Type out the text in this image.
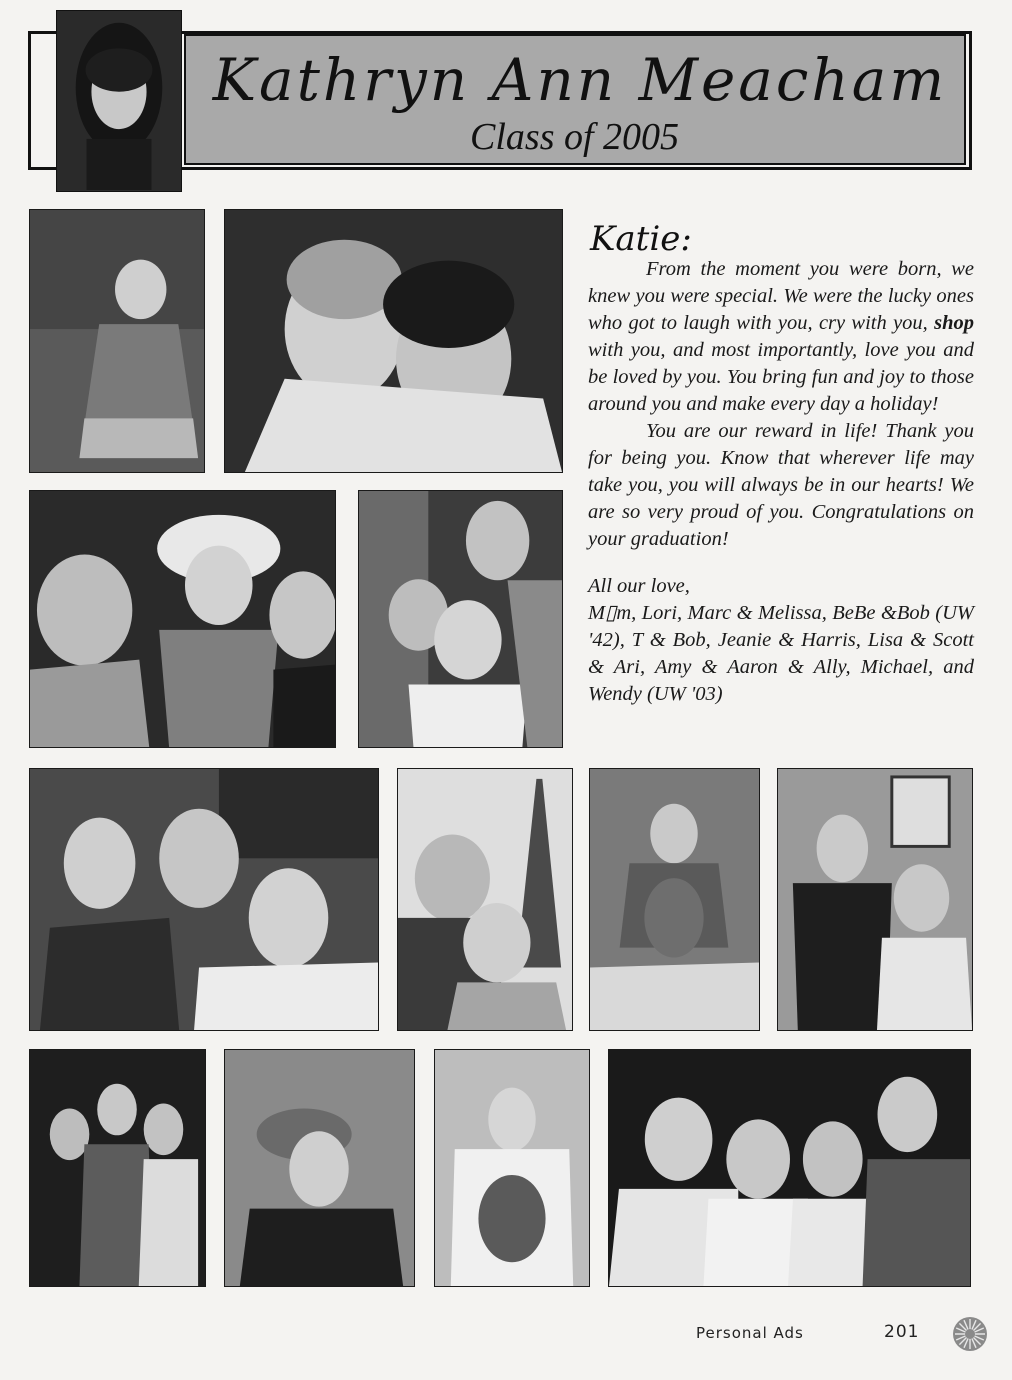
Kathryn Ann Meacham
Class of 2005
Katie:

From the moment you were born, we knew you were special. We were the lucky ones who got to laugh with you, cry with you, shop with you, and most importantly, love you and be loved by you. You bring fun and joy to those around you and make every day a holiday!

You are our reward in life! Thank you for being you. Know that wherever life may take you, you will always be in our hearts! We are so very proud of you. Congratulations on your graduation!

All our love,

M▯m, Lori, Marc & Melissa, BeBe &Bob (UW '42), T & Bob, Jeanie & Harris, Lisa & Scott & Ari, Amy & Aaron & Ally, Michael, and Wendy (UW '03)

Personal Ads	201
